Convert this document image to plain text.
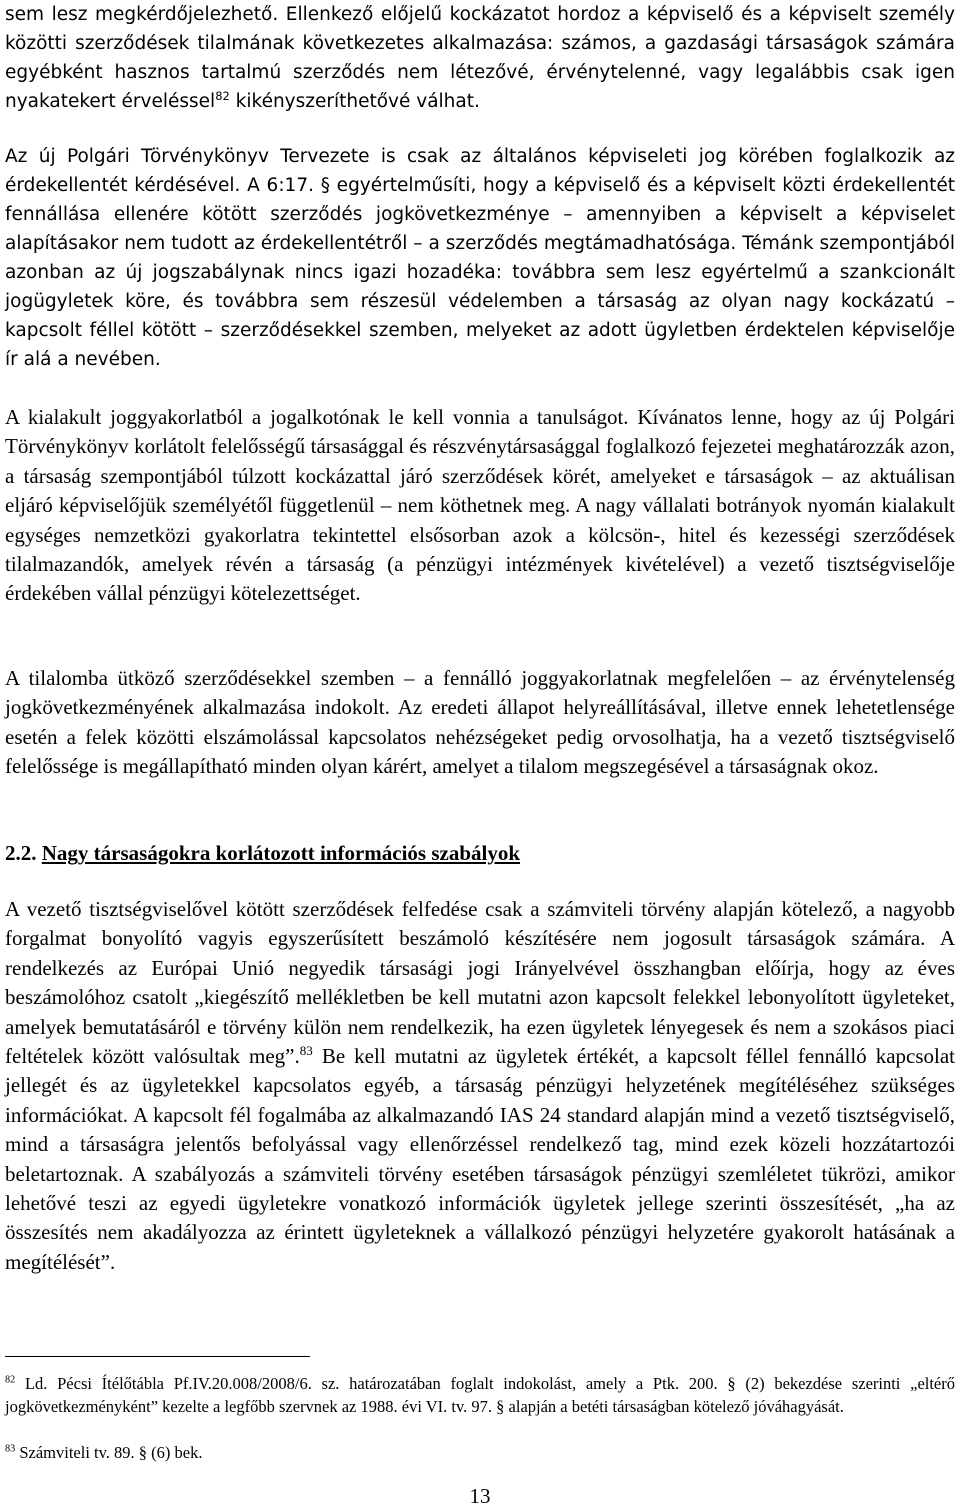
sem lesz megkérdőjelezhető. Ellenkező előjelű kockázatot hordoz a képviselő és a képviselt személy közötti szerződések tilalmának következetes alkalmazása: számos, a gazdasági társaságok számára egyébként hasznos tartalmú szerződés nem létezővé, érvénytelenné, vagy legalábbis csak igen nyakatekert érveléssel$^{82}$ kikényszeríthetővé válhat.

Az új Polgári Törvénykönyv Tervezete is csak az általános képviseleti jog körében foglalkozik az érdekellentét kérdésével. A 6:17. § egyértelműsíti, hogy a képviselő és a képviselt közti érdekellentét fennállása ellenére kötött szerződés jogkövetkezménye – amennyiben a képviselt a képviselet alapításakor nem tudott az érdekellentétről – a szerződés megtámadhatósága. Témánk szempontjából azonban az új jogszabálynak nincs igazi hozadéka: továbbra sem lesz egyértelmű a szankcionált jogügyletek köre, és továbbra sem részesül védelemben a társaság az olyan nagy kockázatú – kapcsolt féllel kötött – szerződésekkel szemben, melyeket az adott ügyletben érdektelen képviselője ír alá a nevében.

A kialakult joggyakorlatból a jogalkotónak le kell vonnia a tanulságot. Kívánatos lenne, hogy az új Polgári Törvénykönyv korlátolt felelősségű társasággal és részvénytársasággal foglalkozó fejezetei meghatározzák azon, a társaság szempontjából túlzott kockázattal járó szerződések körét, amelyeket e társaságok – az aktuálisan eljáró képviselőjük személyétől függetlenül – nem köthetnek meg. A nagy vállalati botrányok nyomán kialakult egységes nemzetközi gyakorlatra tekintettel elsősorban azok a kölcsön-, hitel és kezességi szerződések tilalmazandók, amelyek révén a társaság (a pénzügyi intézmények kivételével) a vezető tisztségviselője érdekében vállal pénzügyi kötelezettséget.

A tilalomba ütköző szerződésekkel szemben – a fennálló joggyakorlatnak megfelelően – az érvénytelenség jogkövetkezményének alkalmazása indokolt. Az eredeti állapot helyreállításával, illetve ennek lehetetlensége esetén a felek közötti elszámolással kapcsolatos nehézségeket pedig orvosolhatja, ha a vezető tisztségviselő felelőssége is megállapítható minden olyan kárért, amelyet a tilalom megszegésével a társaságnak okoz.

2.2. Nagy társaságokra korlátozott információs szabályok

A vezető tisztségviselővel kötött szerződések felfedése csak a számviteli törvény alapján kötelező, a nagyobb forgalmat bonyolító vagyis egyszerűsített beszámoló készítésére nem jogosult társaságok számára. A rendelkezés az Európai Unió negyedik társasági jogi Irányelvével összhangban előírja, hogy az éves beszámolóhoz csatolt „kiegészítő mellékletben be kell mutatni azon kapcsolt felekkel lebonyolított ügyleteket, amelyek bemutatásáról e törvény külön nem rendelkezik, ha ezen ügyletek lényegesek és nem a szokásos piaci feltételek között valósultak meg”.$^{83}$ Be kell mutatni az ügyletek értékét, a kapcsolt féllel fennálló kapcsolat jellegét és az ügyletekkel kapcsolatos egyéb, a társaság pénzügyi helyzetének megítéléséhez szükséges információkat. A kapcsolt fél fogalmába az alkalmazandó IAS 24 standard alapján mind a vezető tisztségviselő, mind a társaságra jelentős befolyással vagy ellenőrzéssel rendelkező tag, mind ezek közeli hozzátartozói beletartoznak. A szabályozás a számviteli törvény esetében társaságok pénzügyi szemléletet tükrözi, amikor lehetővé teszi az egyedi ügyletekre vonatkozó információk ügyletek jellege szerinti összesítését, „ha az összesítés nem akadályozza az érintett ügyleteknek a vállalkozó pénzügyi helyzetére gyakorolt hatásának a megítélését”.

$^{82}$ Ld. Pécsi Ítélőtábla Pf.IV.20.008/2008/6. sz. határozatában foglalt indokolást, amely a Ptk. 200. § (2) bekezdése szerinti „eltérő jogkövetkezményként” kezelte a legfőbb szervnek az 1988. évi VI. tv. 97. § alapján a betéti társaságban kötelező jóváhagyását.

$^{83}$ Számviteli tv. 89. § (6) bek.

13
